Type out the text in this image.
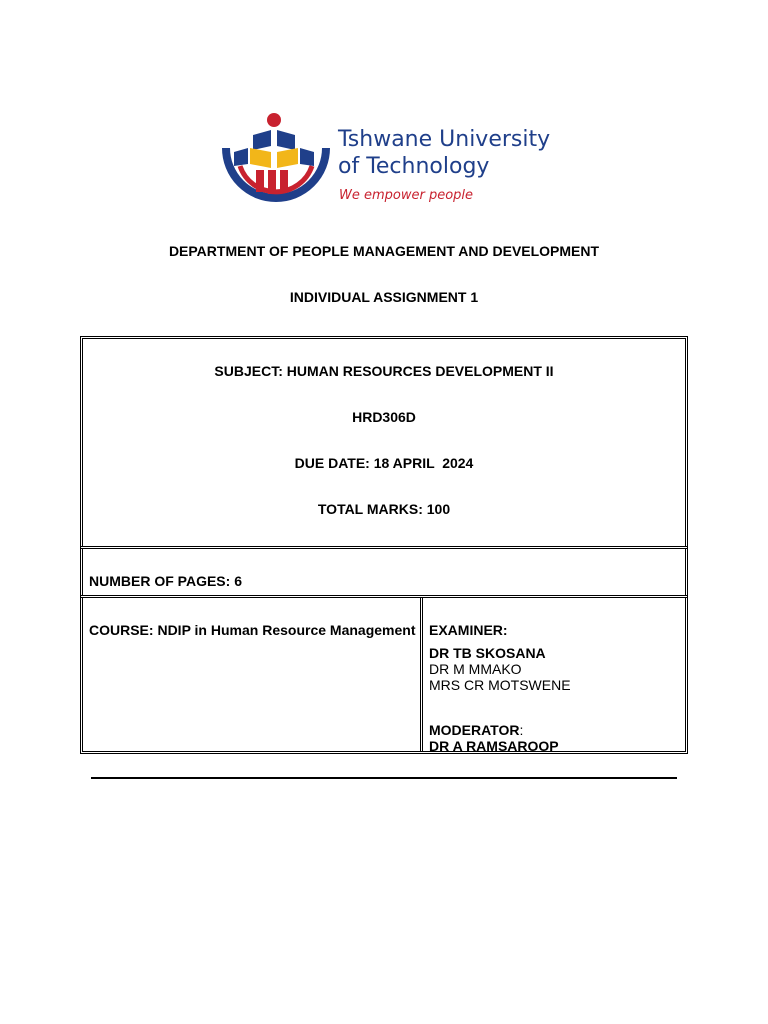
Tshwane University
of Technology
We empower people
DEPARTMENT OF PEOPLE MANAGEMENT AND DEVELOPMENT
INDIVIDUAL ASSIGNMENT 1
SUBJECT: HUMAN RESOURCES DEVELOPMENT II
HRD306D
DUE DATE: 18 APRIL  2024
TOTAL MARKS: 100
NUMBER OF PAGES: 6
COURSE: NDIP in Human Resource Management EXAMINER:
DR TB SKOSANA
DR M MMAKO
MRS CR MOTSWENE
MODERATOR:
DR A RAMSAROOP
